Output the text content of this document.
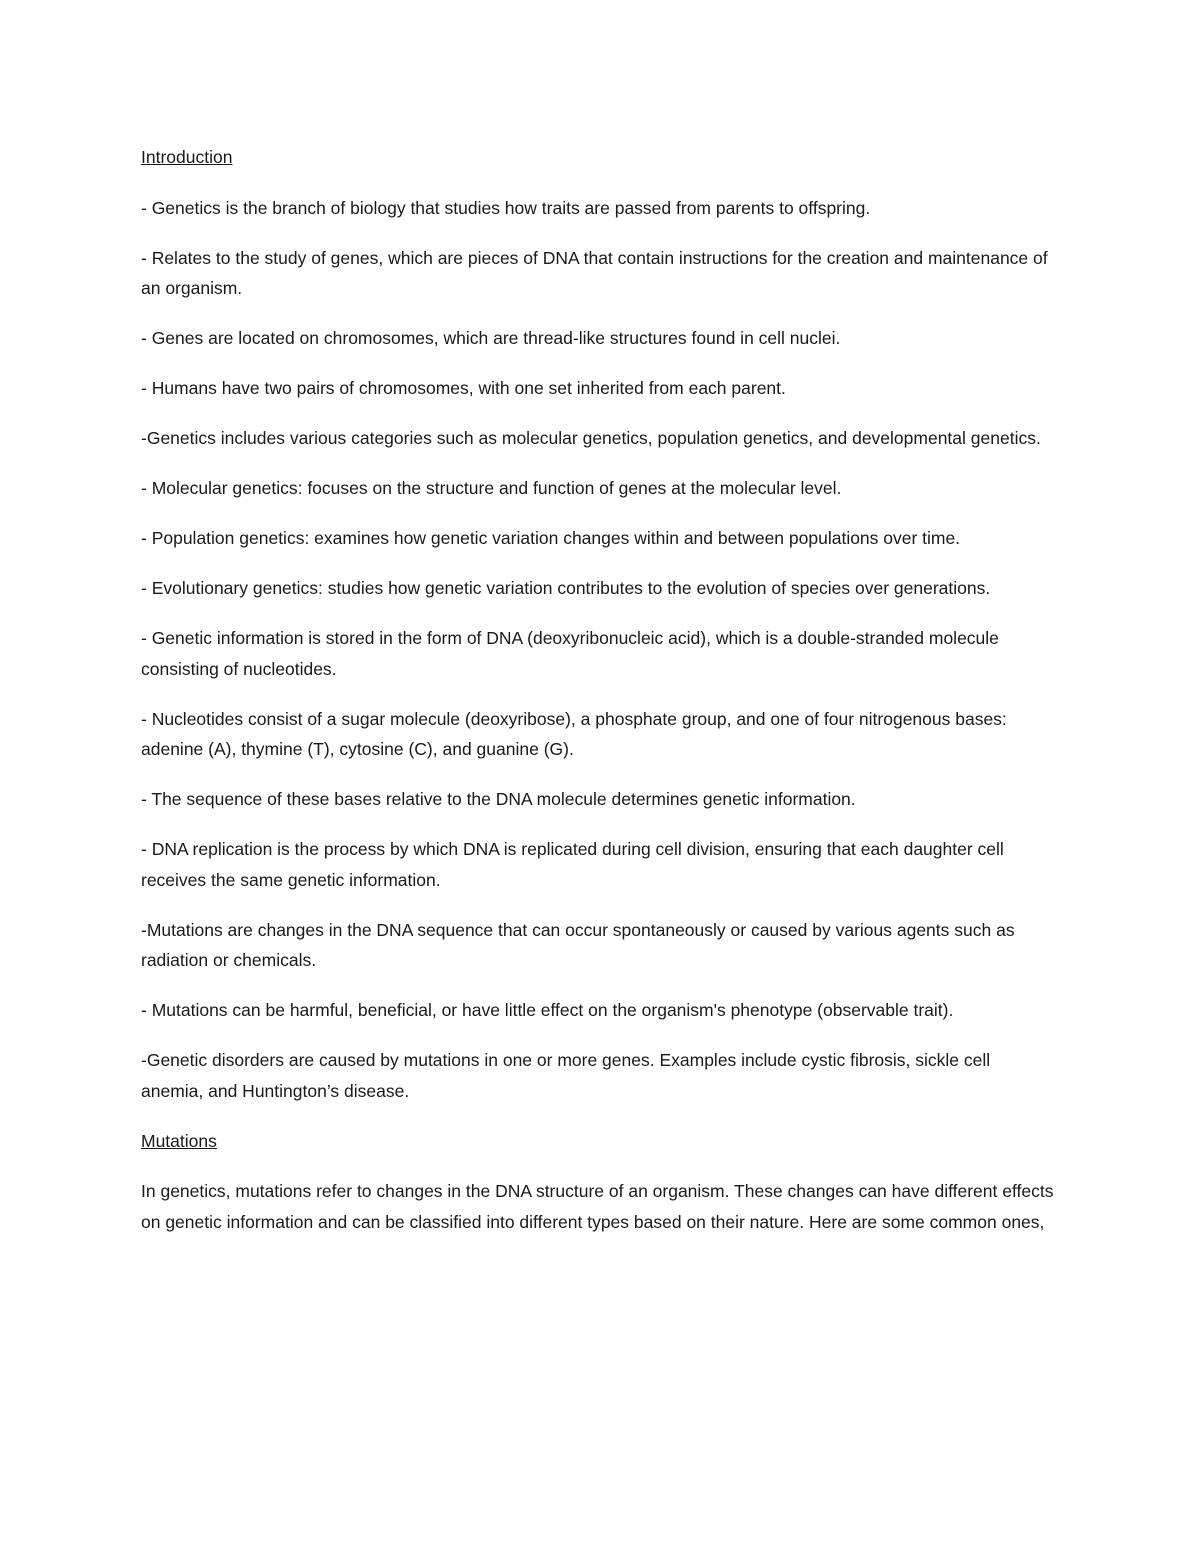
Introduction

- Genetics is the branch of biology that studies how traits are passed from parents to offspring.

- Relates to the study of genes, which are pieces of DNA that contain instructions for the creation and maintenance of an organism.

- Genes are located on chromosomes, which are thread-like structures found in cell nuclei.

- Humans have two pairs of chromosomes, with one set inherited from each parent.

-Genetics includes various categories such as molecular genetics, population genetics, and developmental genetics.

- Molecular genetics: focuses on the structure and function of genes at the molecular level.

- Population genetics: examines how genetic variation changes within and between populations over time.

- Evolutionary genetics: studies how genetic variation contributes to the evolution of species over generations.

- Genetic information is stored in the form of DNA (deoxyribonucleic acid), which is a double-stranded molecule consisting of nucleotides.

- Nucleotides consist of a sugar molecule (deoxyribose), a phosphate group, and one of four nitrogenous bases: adenine (A), thymine (T), cytosine (C), and guanine (G).

- The sequence of these bases relative to the DNA molecule determines genetic information.

- DNA replication is the process by which DNA is replicated during cell division, ensuring that each daughter cell receives the same genetic information.

-Mutations are changes in the DNA sequence that can occur spontaneously or caused by various agents such as radiation or chemicals.

- Mutations can be harmful, beneficial, or have little effect on the organism's phenotype (observable trait).

-Genetic disorders are caused by mutations in one or more genes. Examples include cystic fibrosis, sickle cell anemia, and Huntington’s disease.

Mutations

In genetics, mutations refer to changes in the DNA structure of an organism. These changes can have different effects on genetic information and can be classified into different types based on their nature. Here are some common ones,
